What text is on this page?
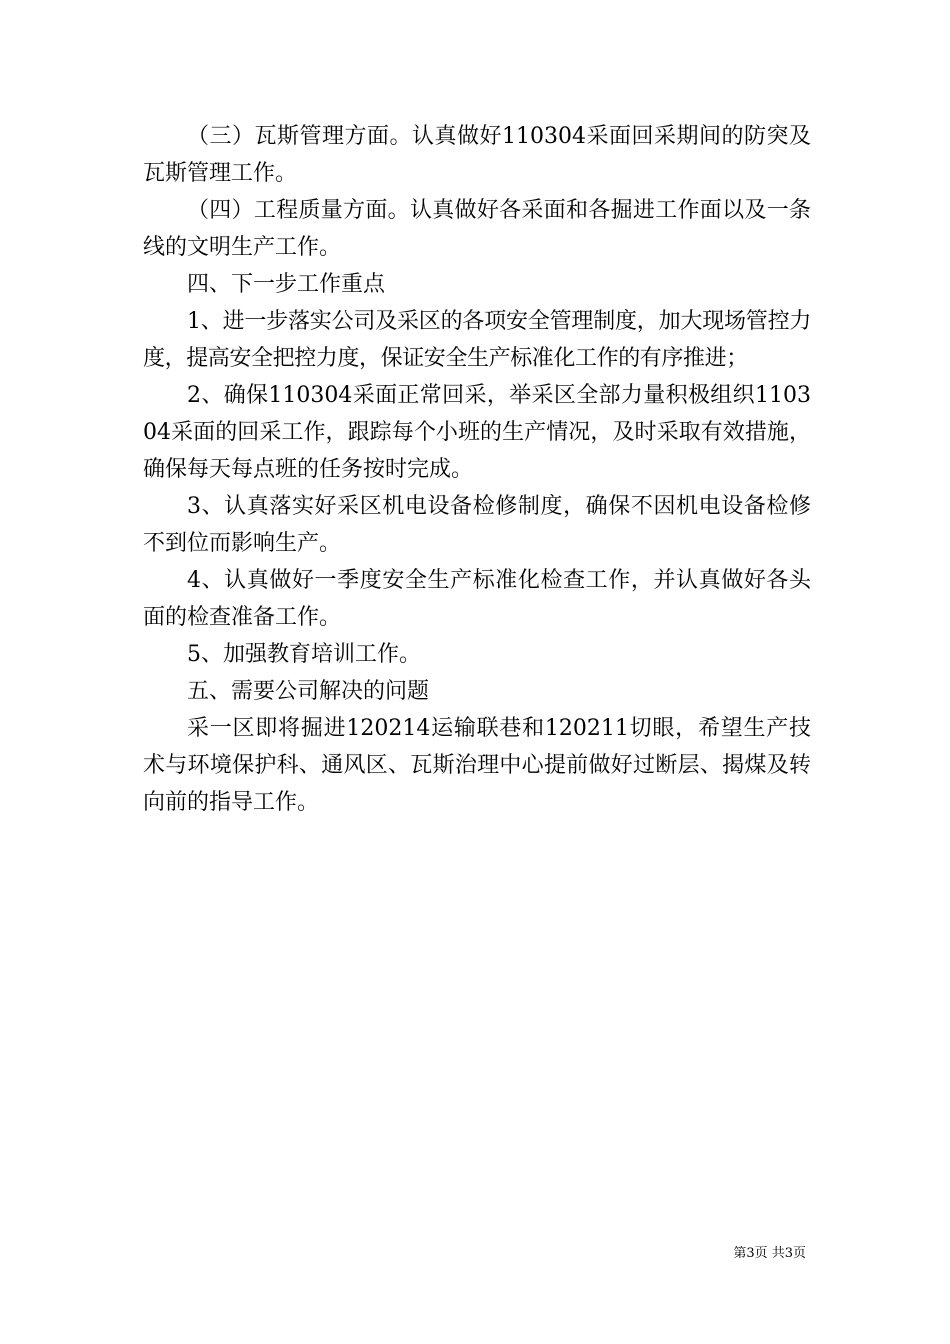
（三）瓦斯管理方面。认真做好110304采面回采期间的防突及瓦斯管理工作。

（四）工程质量方面。认真做好各采面和各掘进工作面以及一条线的文明生产工作。

四、下一步工作重点

1、进一步落实公司及采区的各项安全管理制度，加大现场管控力度，提高安全把控力度，保证安全生产标准化工作的有序推进；

2、确保110304采面正常回采，举采区全部力量积极组织110304采面的回采工作，跟踪每个小班的生产情况，及时采取有效措施，确保每天每点班的任务按时完成。

3、认真落实好采区机电设备检修制度，确保不因机电设备检修不到位而影响生产。

4、认真做好一季度安全生产标准化检查工作，并认真做好各头面的检查准备工作。

5、加强教育培训工作。

五、需要公司解决的问题

采一区即将掘进120214运输联巷和120211切眼，希望生产技术与环境保护科、通风区、瓦斯治理中心提前做好过断层、揭煤及转向前的指导工作。

第3页 共3页
